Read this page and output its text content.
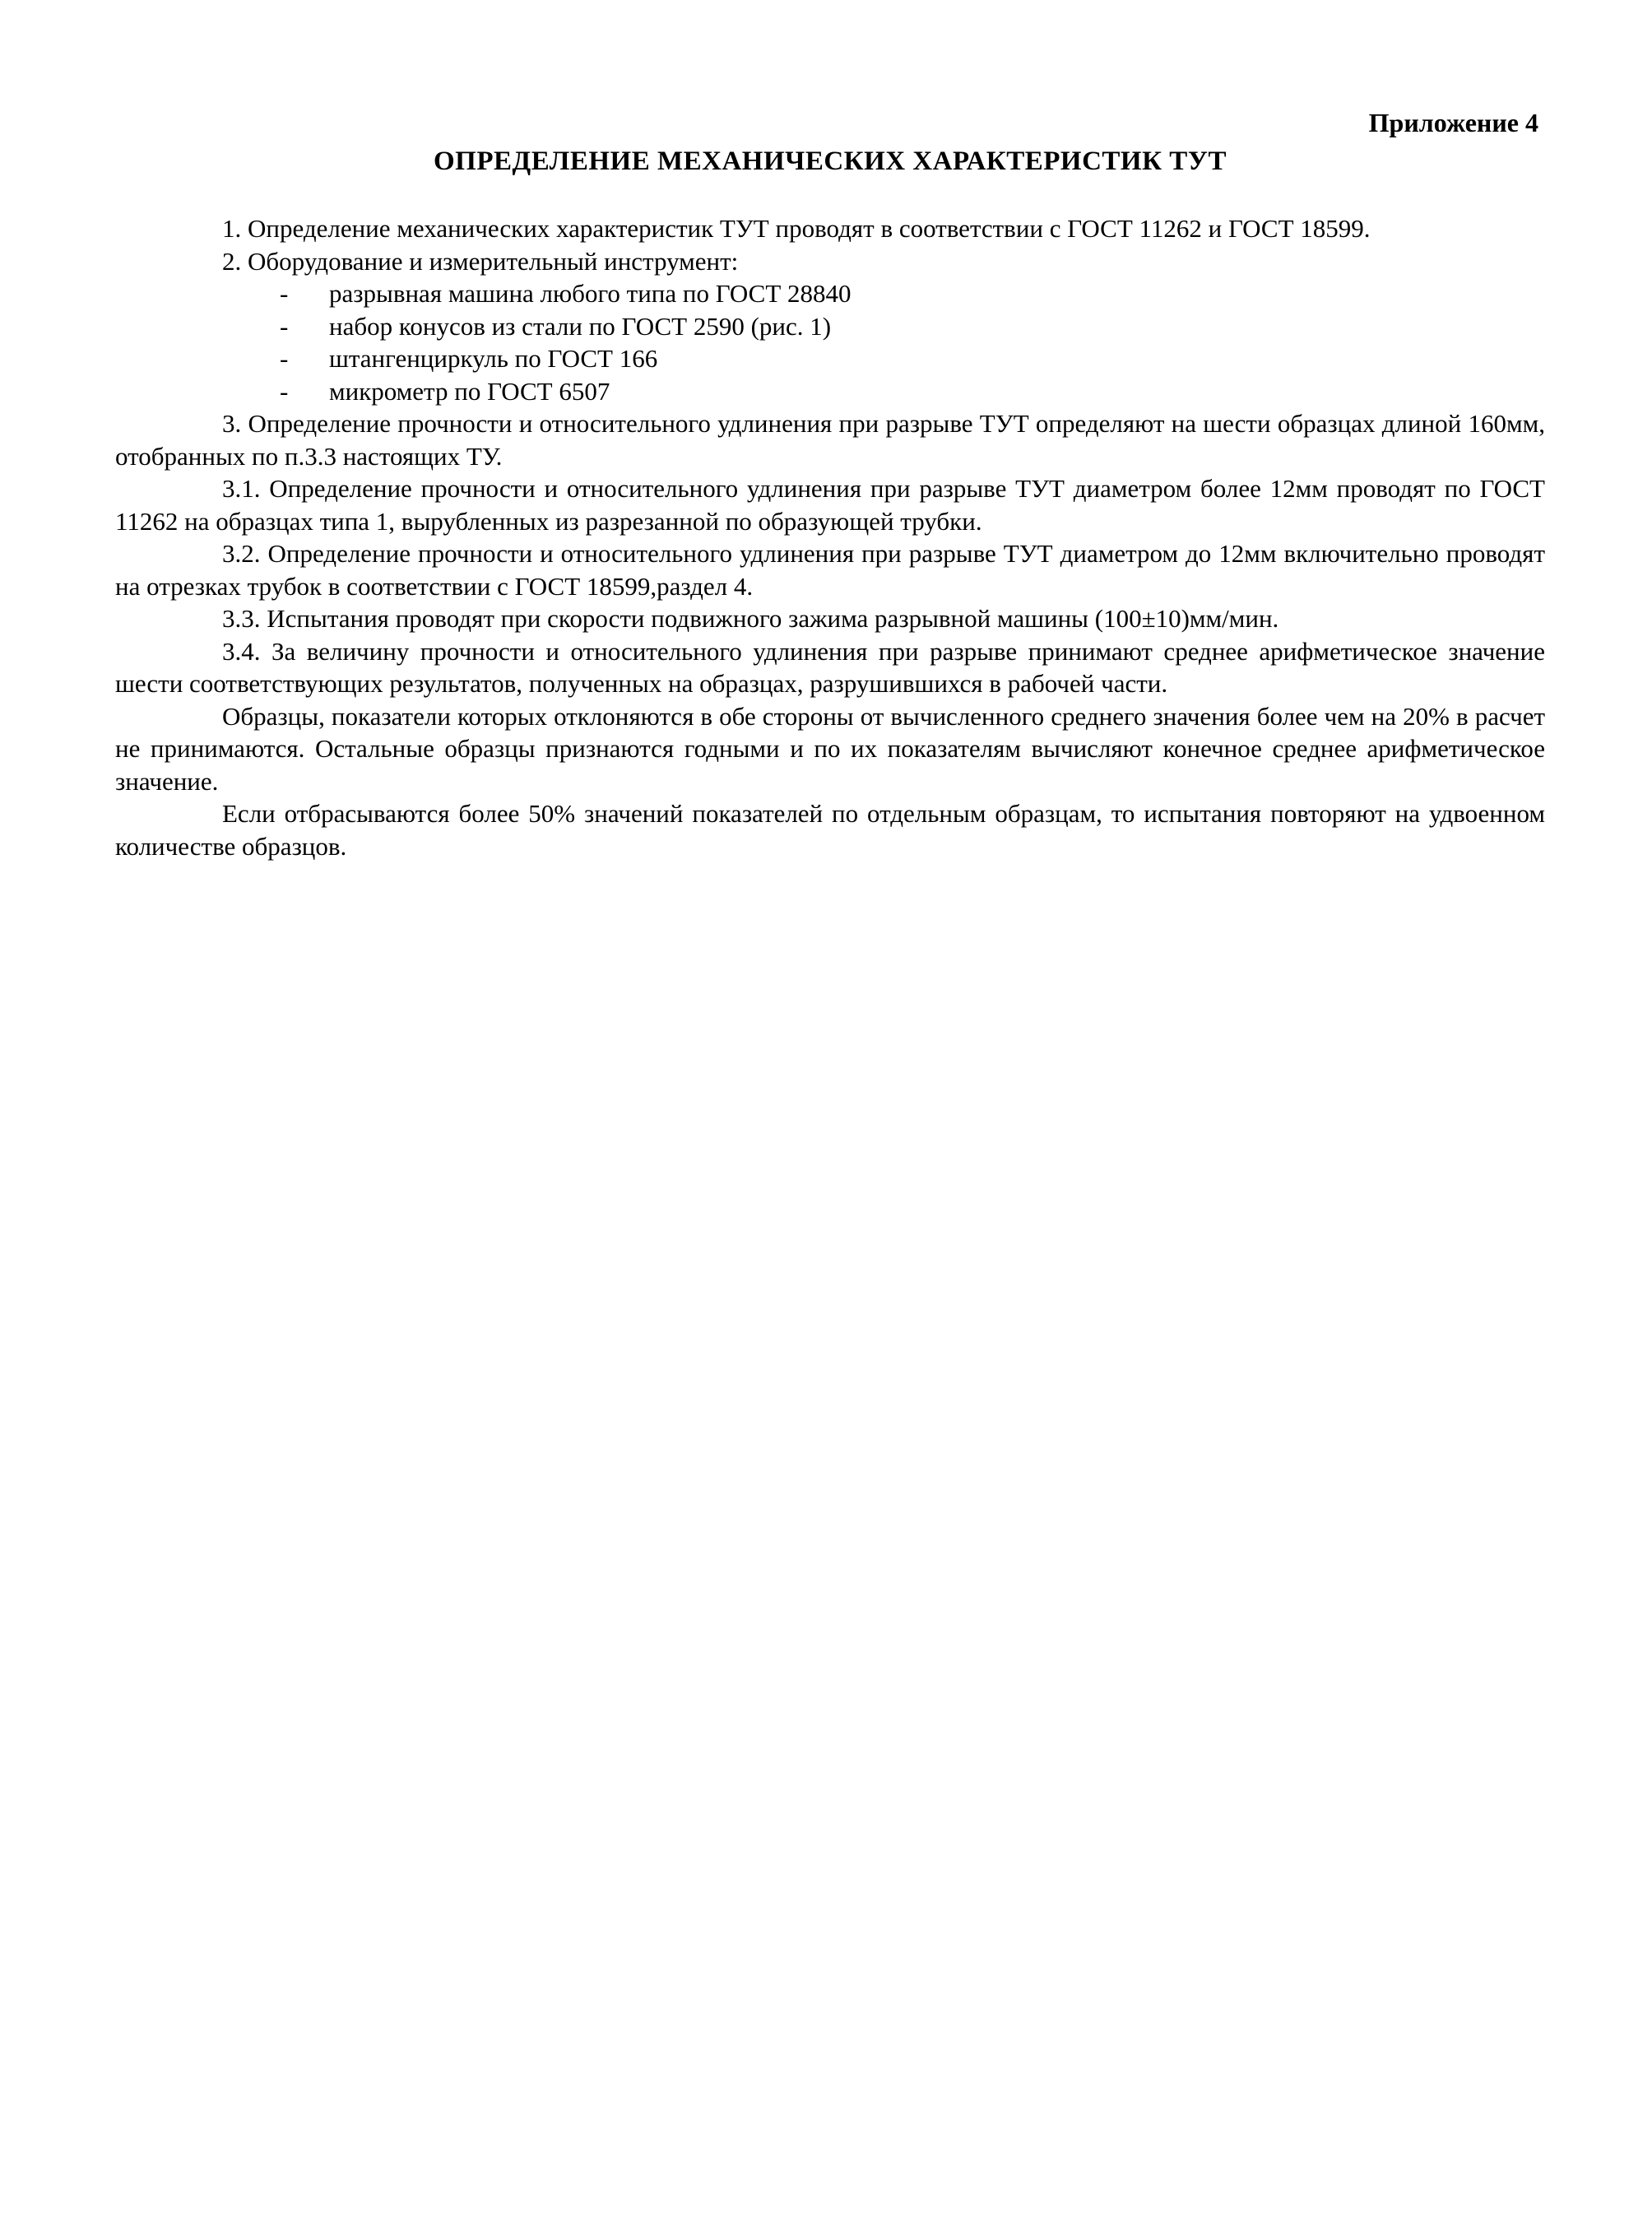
Приложение 4
ОПРЕДЕЛЕНИЕ МЕХАНИЧЕСКИХ ХАРАКТЕРИСТИК ТУТ

1. Определение механических характеристик ТУТ проводят в соответствии с ГОСТ 11262 и ГОСТ 18599.

2. Оборудование и измерительный инструмент:

- разрывная машина любого типа по ГОСТ 28840
- набор конусов из стали по ГОСТ 2590 (рис. 1)
- штангенциркуль по ГОСТ 166
- микрометр по ГОСТ 6507

3. Определение прочности и относительного удлинения при разрыве ТУТ определяют на шести образцах длиной 160мм, отобранных по п.3.3 настоящих ТУ.

3.1. Определение прочности и относительного удлинения при разрыве ТУТ диаметром более 12мм проводят по ГОСТ 11262 на образцах типа 1, вырубленных из разрезанной по образующей трубки.

3.2. Определение прочности и относительного удлинения при разрыве ТУТ диаметром до 12мм включительно проводят на отрезках трубок в соответствии с ГОСТ 18599,раздел 4.

3.3. Испытания проводят при скорости подвижного зажима разрывной машины (100±10)мм/мин.

3.4. За величину прочности и относительного удлинения при разрыве принимают среднее арифметическое значение шести соответствующих результатов, полученных на образцах, разрушившихся в рабочей части.

Образцы, показатели которых отклоняются в обе стороны от вычисленного среднего значения более чем на 20% в расчет не принимаются. Остальные образцы признаются годными и по их показателям вычисляют конечное среднее арифметическое значение.

Если отбрасываются более 50% значений показателей по отдельным образцам, то испытания повторяют на удвоенном количестве образцов.
